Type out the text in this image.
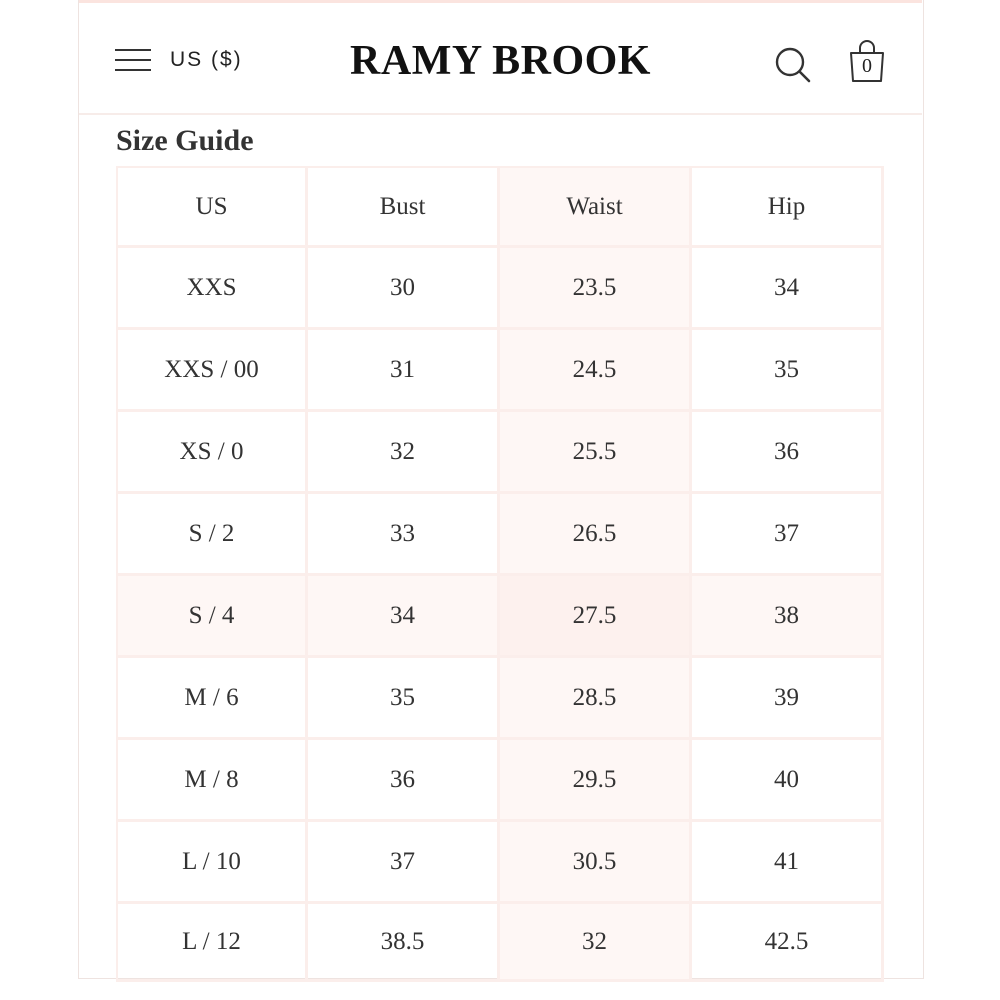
US ($)	RAMY BROOK	0
Size Guide
US	Bust	Waist	Hip
XXS	30	23.5	34
XXS / 00	31	24.5	35
XS / 0	32	25.5	36
S / 2	33	26.5	37
S / 4	34	27.5	38
M / 6	35	28.5	39
M / 8	36	29.5	40
L / 10	37	30.5	41
L / 12	38.5	32	42.5
